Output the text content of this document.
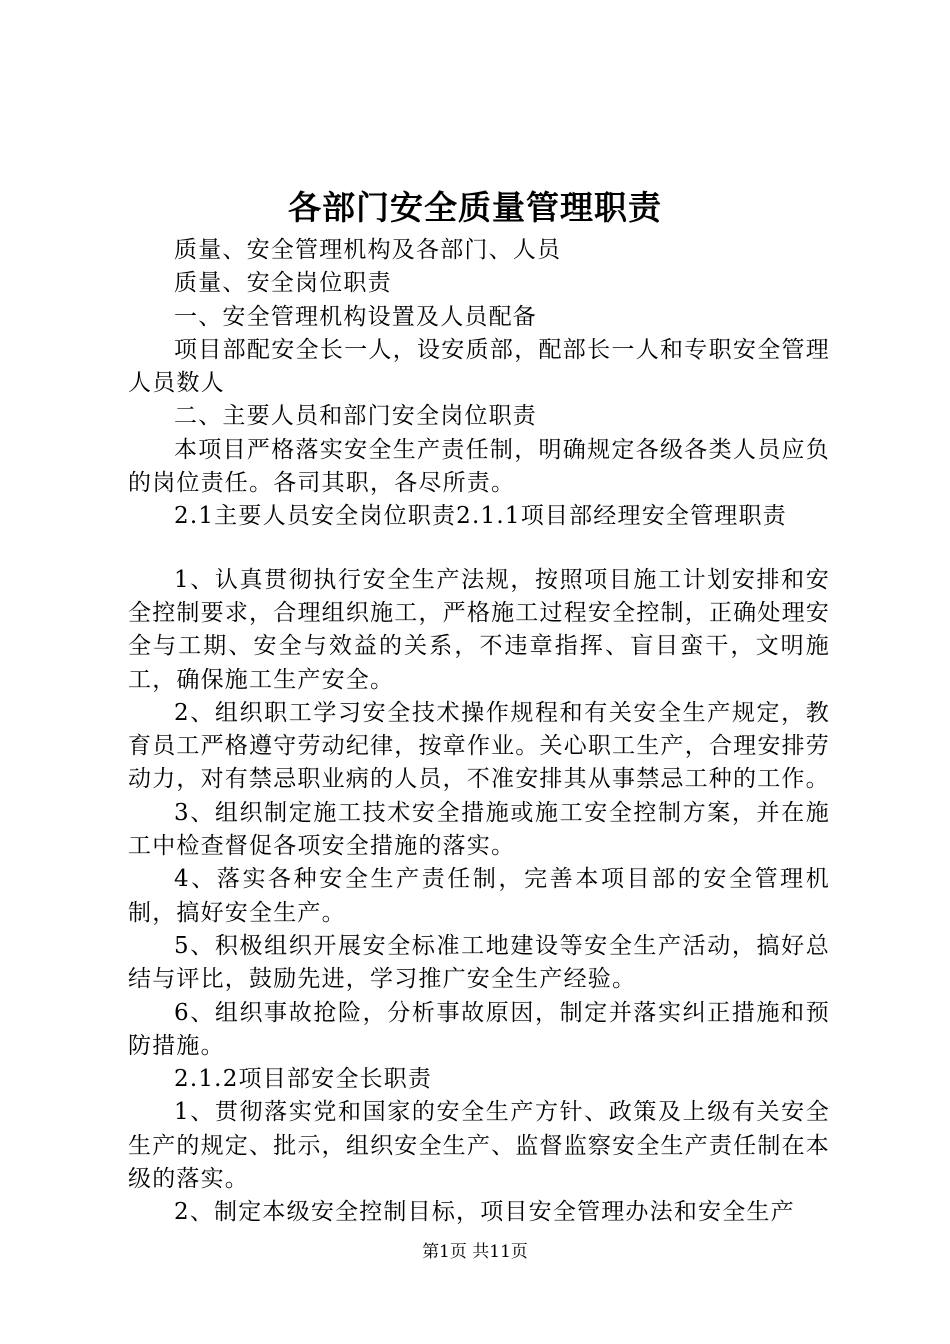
各部门安全质量管理职责

质量、安全管理机构及各部门、人员

质量、安全岗位职责

一、安全管理机构设置及人员配备

项目部配安全长一人，设安质部，配部长一人和专职安全管理人员数人

二、主要人员和部门安全岗位职责

本项目严格落实安全生产责任制，明确规定各级各类人员应负的岗位责任。各司其职，各尽所责。

2.1主要人员安全岗位职责2.1.1项目部经理安全管理职责

1、认真贯彻执行安全生产法规，按照项目施工计划安排和安全控制要求，合理组织施工，严格施工过程安全控制，正确处理安全与工期、安全与效益的关系，不违章指挥、盲目蛮干，文明施工，确保施工生产安全。

2、组织职工学习安全技术操作规程和有关安全生产规定，教育员工严格遵守劳动纪律，按章作业。关心职工生产，合理安排劳动力，对有禁忌职业病的人员，不准安排其从事禁忌工种的工作。

3、组织制定施工技术安全措施或施工安全控制方案，并在施工中检查督促各项安全措施的落实。

4、落实各种安全生产责任制，完善本项目部的安全管理机制，搞好安全生产。

5、积极组织开展安全标准工地建设等安全生产活动，搞好总结与评比，鼓励先进，学习推广安全生产经验。

6、组织事故抢险，分析事故原因，制定并落实纠正措施和预防措施。

2.1.2项目部安全长职责

1、贯彻落实党和国家的安全生产方针、政策及上级有关安全生产的规定、批示，组织安全生产、监督监察安全生产责任制在本级的落实。

2、制定本级安全控制目标，项目安全管理办法和安全生产

第1页 共11页
